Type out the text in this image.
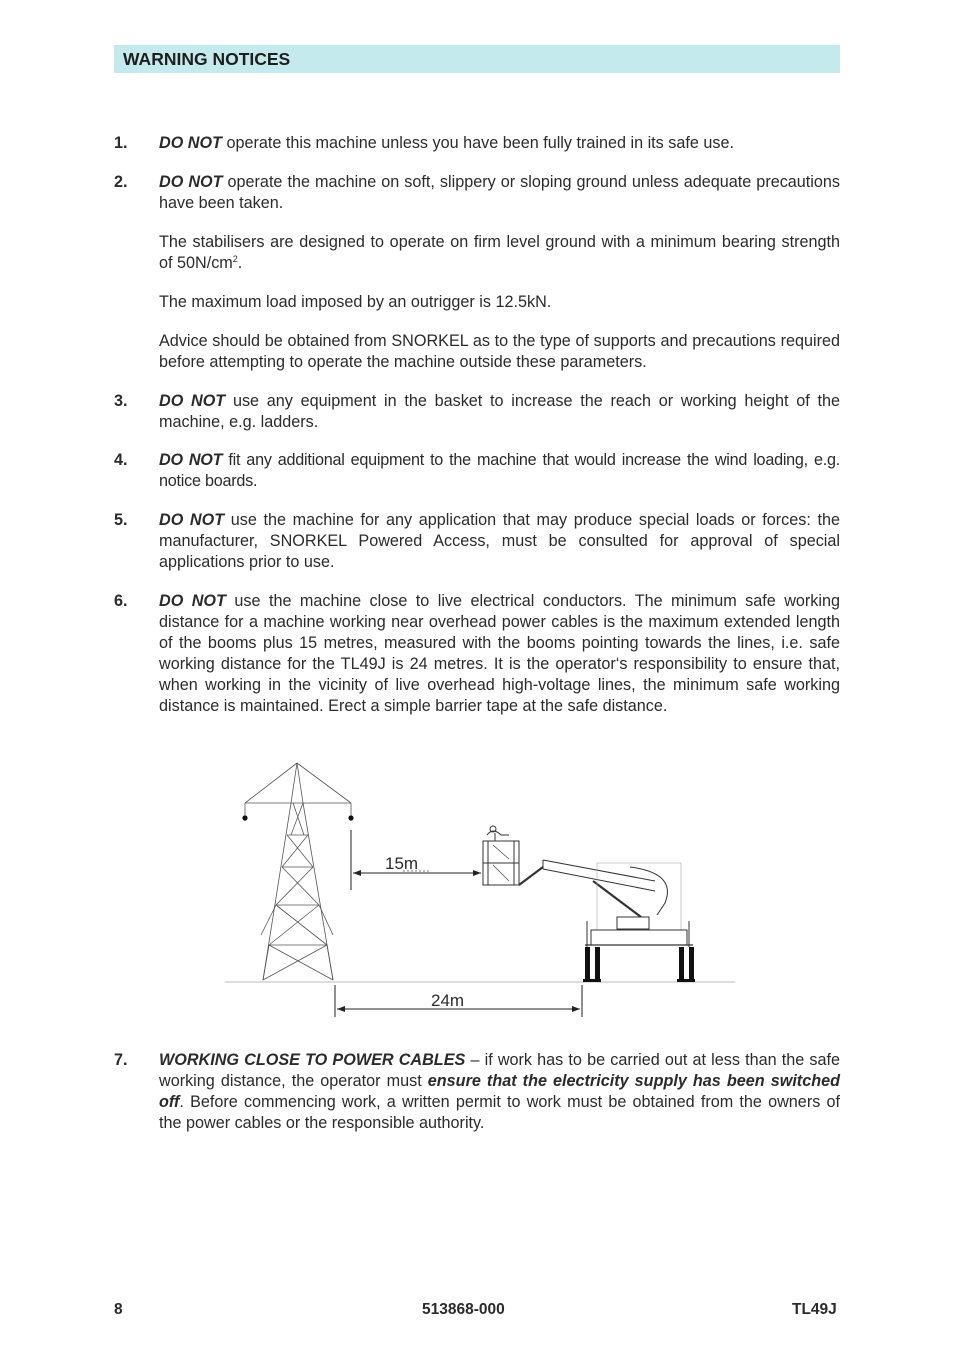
WARNING NOTICES
1. DO NOT operate this machine unless you have been fully trained in its safe use.

2. DO NOT operate the machine on soft, slippery or sloping ground unless adequate precautions have been taken.

The stabilisers are designed to operate on firm level ground with a minimum bearing strength of $50N/cm^2$.

The maximum load imposed by an outrigger is 12.5kN.

Advice should be obtained from SNORKEL as to the type of supports and precautions required before attempting to operate the machine outside these parameters.

3. DO NOT use any equipment in the basket to increase the reach or working height of the machine, e.g. ladders.

4. DO NOT fit any additional equipment to the machine that would increase the wind loading, e.g. notice boards.

5. DO NOT use the machine for any application that may produce special loads or forces: the manufacturer, SNORKEL Powered Access, must be consulted for approval of special applications prior to use.

6. DO NOT use the machine close to live electrical conductors. The minimum safe working distance for a machine working near overhead power cables is the maximum extended length of the booms plus 15 metres, measured with the booms pointing towards the lines, i.e. safe working distance for the TL49J is 24 metres. It is the operator‘s responsibility to ensure that, when working in the vicinity of live overhead high-voltage lines, the minimum safe working distance is maintained. Erect a simple barrier tape at the safe distance.

15m
24m
7. WORKING CLOSE TO POWER CABLES – if work has to be carried out at less than the safe working distance, the operator must ensure that the electricity supply has been switched off. Before commencing work, a written permit to work must be obtained from the owners of the power cables or the responsible authority.

8	513868-000	TL49J
